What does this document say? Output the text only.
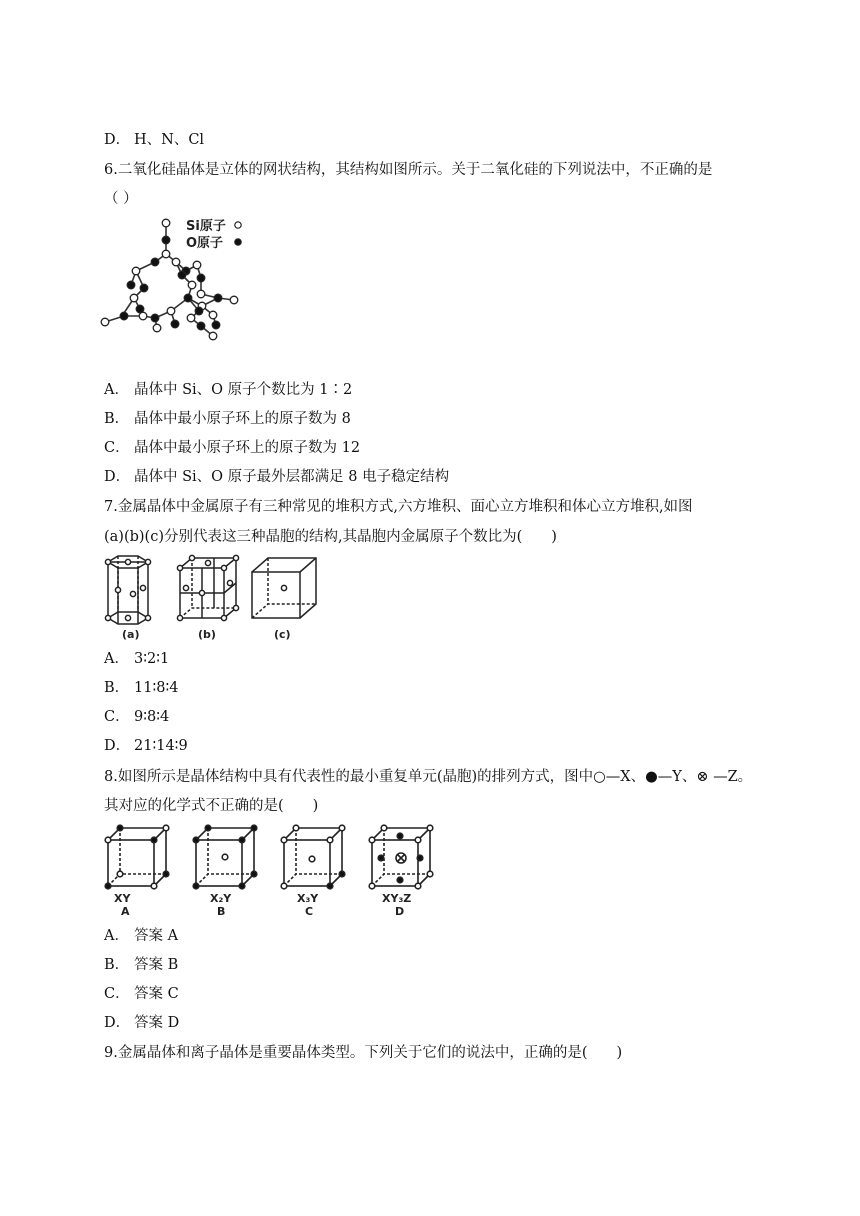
D． H、N、Cl
6.二氧化硅晶体是立体的网状结构，其结构如图所示。关于二氧化硅的下列说法中，不正确的是
（ ）
Si原子
O原子
A． 晶体中 Si、O 原子个数比为 1∶2
B． 晶体中最小原子环上的原子数为 8
C． 晶体中最小原子环上的原子数为 12
D． 晶体中 Si、O 原子最外层都满足 8 电子稳定结构
7.金属晶体中金属原子有三种常见的堆积方式,六方堆积、面心立方堆积和体心立方堆积,如图
(a)(b)(c)分别代表这三种晶胞的结构,其晶胞内金属原子个数比为(　　)
(a)	(b)	(c)
A． 3∶2∶1
B． 11∶8∶4
C． 9∶8∶4
D． 21∶14∶9
8.如图所示是晶体结构中具有代表性的最小重复单元(晶胞)的排列方式，图中○—X、●—Y、⊗ —Z。
其对应的化学式不正确的是(　　)
XY
A
X₂Y
B
X₃Y
C
XY₃Z
D
A． 答案 A
B． 答案 B
C． 答案 C
D． 答案 D
9.金属晶体和离子晶体是重要晶体类型。下列关于它们的说法中，正确的是(　　)
